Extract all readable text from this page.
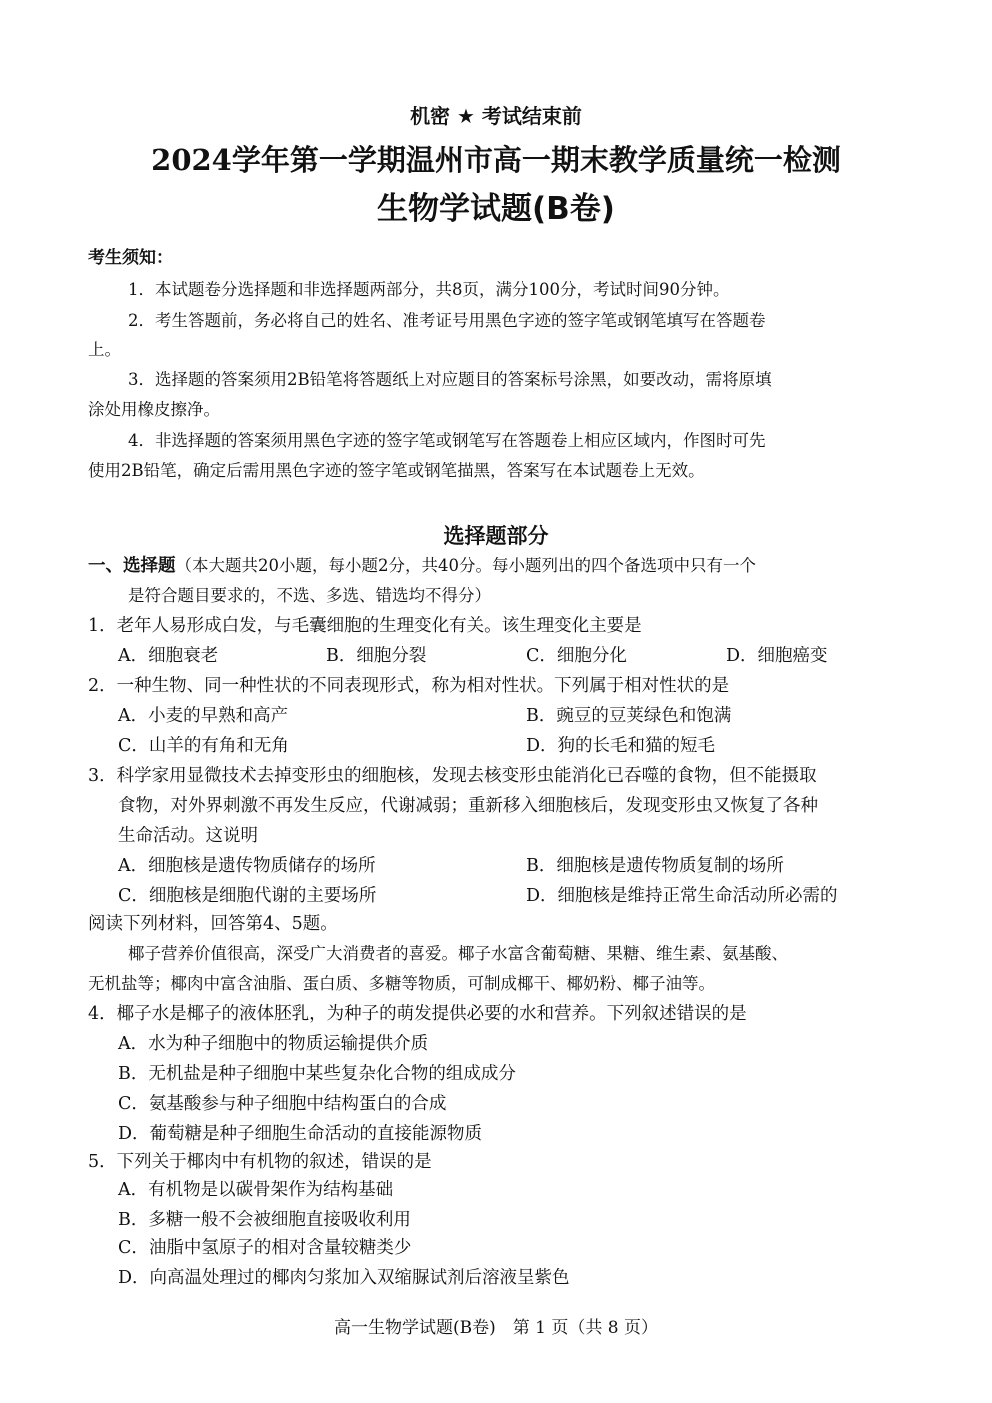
机密 ★ 考试结束前
2024学年第一学期温州市高一期末教学质量统一检测
生物学试题(B卷)
考生须知：
1．本试题卷分选择题和非选择题两部分，共8页，满分100分，考试时间90分钟。
2．考生答题前，务必将自己的姓名、准考证号用黑色字迹的签字笔或钢笔填写在答题卷
上。
3．选择题的答案须用2B铅笔将答题纸上对应题目的答案标号涂黑，如要改动，需将原填
涂处用橡皮擦净。
4．非选择题的答案须用黑色字迹的签字笔或钢笔写在答题卷上相应区域内，作图时可先
使用2B铅笔，确定后需用黑色字迹的签字笔或钢笔描黑，答案写在本试题卷上无效。
选择题部分
一、选择题（本大题共20小题，每小题2分，共40分。每小题列出的四个备选项中只有一个
是符合题目要求的，不选、多选、错选均不得分）
1．老年人易形成白发，与毛囊细胞的生理变化有关。该生理变化主要是
A．细胞衰老	B．细胞分裂	C．细胞分化	D．细胞癌变
2．一种生物、同一种性状的不同表现形式，称为相对性状。下列属于相对性状的是
A．小麦的早熟和高产	B．豌豆的豆荚绿色和饱满
C．山羊的有角和无角	D．狗的长毛和猫的短毛
3．科学家用显微技术去掉变形虫的细胞核，发现去核变形虫能消化已吞噬的食物，但不能摄取
食物，对外界刺激不再发生反应，代谢减弱；重新移入细胞核后，发现变形虫又恢复了各种
生命活动。这说明
A．细胞核是遗传物质储存的场所	B．细胞核是遗传物质复制的场所
C．细胞核是细胞代谢的主要场所	D．细胞核是维持正常生命活动所必需的
阅读下列材料，回答第4、5题。
椰子营养价值很高，深受广大消费者的喜爱。椰子水富含葡萄糖、果糖、维生素、氨基酸、
无机盐等；椰肉中富含油脂、蛋白质、多糖等物质，可制成椰干、椰奶粉、椰子油等。
4．椰子水是椰子的液体胚乳，为种子的萌发提供必要的水和营养。下列叙述错误的是
A．水为种子细胞中的物质运输提供介质
B．无机盐是种子细胞中某些复杂化合物的组成成分
C．氨基酸参与种子细胞中结构蛋白的合成
D．葡萄糖是种子细胞生命活动的直接能源物质
5．下列关于椰肉中有机物的叙述，错误的是
A．有机物是以碳骨架作为结构基础
B．多糖一般不会被细胞直接吸收利用
C．油脂中氢原子的相对含量较糖类少
D．向高温处理过的椰肉匀浆加入双缩脲试剂后溶液呈紫色
高一生物学试题(B卷)　第 1 页（共 8 页）
